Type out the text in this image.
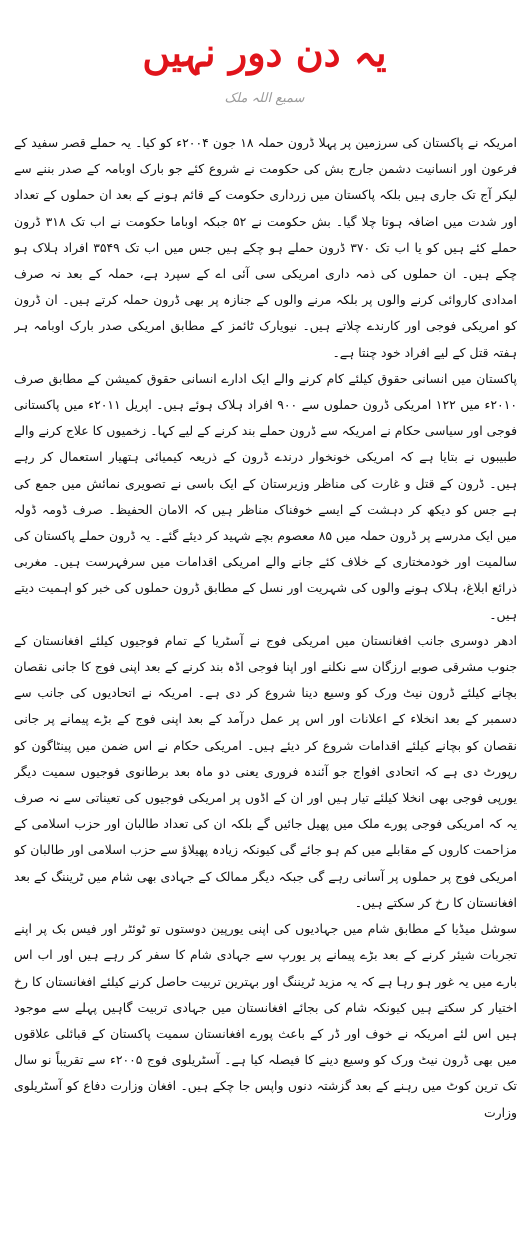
یہ دن دور نہیں
سمیع اللہ ملک

امریکہ نے پاکستان کی سرزمین پر پہلا ڈرون حملہ ۱۸ جون ۲۰۰۴ء کو کیا۔ یہ حملے قصر سفید کے فرعون اور انسانیت دشمن جارج بش کی حکومت نے شروع کئے جو بارک اوبامہ کے صدر بننے سے لیکر آج تک جاری ہیں بلکہ پاکستان میں زرداری حکومت کے قائم ہونے کے بعد ان حملوں کے تعداد اور شدت میں اضافہ ہوتا چلا گیا۔ بش حکومت نے ۵۲ جبکہ اوباما حکومت نے اب تک ۳۱۸ ڈرون حملے کئے ہیں کو یا اب تک ۳۷۰ ڈرون حملے ہو چکے ہیں جس میں اب تک ۳۵۴۹ افراد ہلاک ہو چکے ہیں۔ ان حملوں کی ذمہ داری امریکی سی آئی اے کے سپرد ہے، حملہ کے بعد نہ صرف امدادی کاروائی کرنے والوں پر بلکہ مرنے والوں کے جنازہ پر بھی ڈرون حملہ کرتے ہیں۔ ان ڈرون کو امریکی فوجی اور کارندے چلاتے ہیں۔ نیویارک ٹائمز کے مطابق امریکی صدر بارک اوبامہ ہر ہفتہ قتل کے لیے افراد خود چنتا ہے۔

پاکستان میں انسانی حقوق کیلئے کام کرنے والے ایک ادارے انسانی حقوق کمیشن کے مطابق صرف ۲۰۱۰ء میں ۱۲۲ امریکی ڈرون حملوں سے ۹۰۰ افراد ہلاک ہوئے ہیں۔ اپریل ۲۰۱۱ء میں پاکستانی فوجی اور سیاسی حکام نے امریکہ سے ڈرون حملے بند کرنے کے لیے کہا۔ زخمیوں کا علاج کرنے والے طبیبوں نے بتایا ہے کہ امریکی خونخوار درندے ڈرون کے ذریعہ کیمیائی ہتھیار استعمال کر رہے ہیں۔ ڈرون کے قتل و غارت کی مناظر وزیرستان کے ایک باسی نے تصویری نمائش میں جمع کی ہے جس کو دیکھ کر دہشت کے ایسے خوفناک مناظر ہیں کہ الامان الحفیظ۔ صرف ڈومہ ڈولہ میں ایک مدرسے پر ڈرون حملہ میں ۸۵ معصوم بچے شہید کر دیئے گئے۔ یہ ڈرون حملے پاکستان کی سالمیت اور خودمختاری کے خلاف کئے جانے والے امریکی اقدامات میں سرفہرست ہیں۔ مغربی ذرائع ابلاغ، ہلاک ہونے والوں کی شہریت اور نسل کے مطابق ڈرون حملوں کی خبر کو اہمیت دیتے ہیں۔

ادھر دوسری جانب افغانستان میں امریکی فوج نے آسٹریا کے تمام فوجیوں کیلئے افغانستان کے جنوب مشرقی صوبے ارزگان سے نکلنے اور اپنا فوجی اڈہ بند کرنے کے بعد اپنی فوج کا جانی نقصان بچانے کیلئے ڈرون نیٹ ورک کو وسیع دینا شروع کر دی ہے۔ امریکہ نے اتحادیوں کی جانب سے دسمبر کے بعد انخلاء کے اعلانات اور اس پر عمل درآمد کے بعد اپنی فوج کے بڑے پیمانے پر جانی نقصان کو بچانے کیلئے اقدامات شروع کر دیئے ہیں۔ امریکی حکام نے اس ضمن میں پینٹاگون کو رپورٹ دی ہے کہ اتحادی افواج جو آئندہ فروری یعنی دو ماہ بعد برطانوی فوجیوں سمیت دیگر یورپی فوجی بھی انخلا کیلئے تیار ہیں اور ان کے اڈوں پر امریکی فوجیوں کی تعیناتی سے نہ صرف یہ کہ امریکی فوجی پورے ملک میں پھیل جائیں گے بلکہ ان کی تعداد طالبان اور حزب اسلامی کے مزاحمت کاروں کے مقابلے میں کم ہو جائے گی کیونکہ زیادہ پھیلاؤ سے حزب اسلامی اور طالبان کو امریکی فوج پر حملوں پر آسانی رہے گی جبکہ دیگر ممالک کے جہادی بھی شام میں ٹریننگ کے بعد افغانستان کا رخ کر سکتے ہیں۔

سوشل میڈیا کے مطابق شام میں جہادیوں کی اپنی یورپین دوستوں تو ٹوئٹر اور فیس بک پر اپنے تجربات شیئر کرنے کے بعد بڑے پیمانے پر یورپ سے جہادی شام کا سفر کر رہے ہیں اور اب اس بارے میں یہ غور ہو رہا ہے کہ یہ مزید ٹریننگ اور بہترین تربیت حاصل کرنے کیلئے افغانستان کا رخ اختیار کر سکتے ہیں کیونکہ شام کی بجائے افغانستان میں جہادی تربیت گاہیں پہلے سے موجود ہیں اس لئے امریکہ نے خوف اور ڈر کے باعث پورے افغانستان سمیت پاکستان کے قبائلی علاقوں میں بھی ڈرون نیٹ ورک کو وسیع دینے کا فیصلہ کیا ہے۔ آسٹریلوی فوج ۲۰۰۵ء سے تقریباً نو سال تک ترین کوٹ میں رہنے کے بعد گزشتہ دنوں واپس جا چکے ہیں۔ افغان وزارت دفاع کو آسٹریلوی وزارت
